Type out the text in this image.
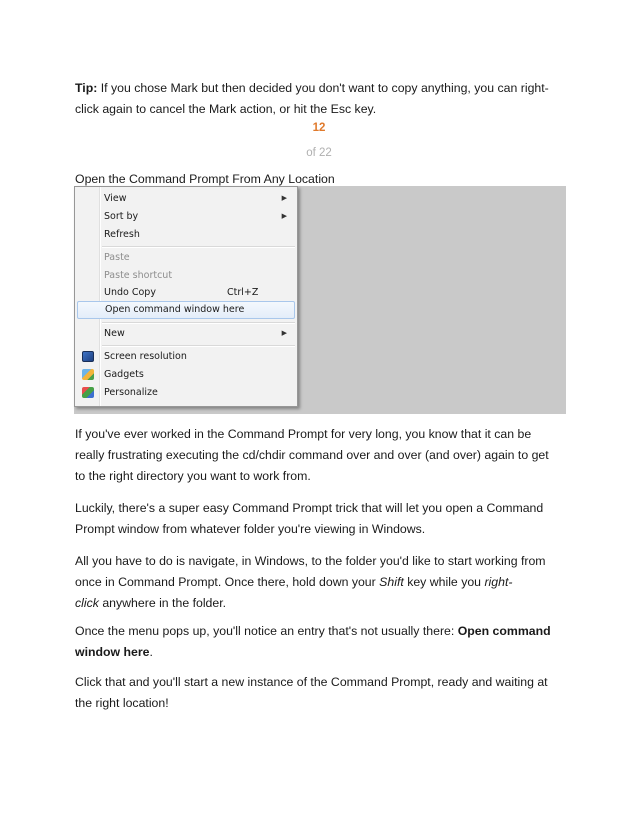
Tip: If you chose Mark but then decided you don't want to copy anything, you can right-
click again to cancel the Mark action, or hit the Esc key.

12
of 22

Open the Command Prompt From Any Location

View	▶
Sort by	▶
Refresh
Paste
Paste shortcut
Undo Copy	Ctrl+Z
Open command window here
New	▶
Screen resolution
Gadgets
Personalize

If you've ever worked in the Command Prompt for very long, you know that it can be
really frustrating executing the cd/chdir command over and over (and over) again to get
to the right directory you want to work from.

Luckily, there's a super easy Command Prompt trick that will let you open a Command
Prompt window from whatever folder you're viewing in Windows.

All you have to do is navigate, in Windows, to the folder you'd like to start working from
once in Command Prompt. Once there, hold down your Shift key while you right-
click anywhere in the folder.

Once the menu pops up, you'll notice an entry that's not usually there: Open command
window here.

Click that and you'll start a new instance of the Command Prompt, ready and waiting at
the right location!
